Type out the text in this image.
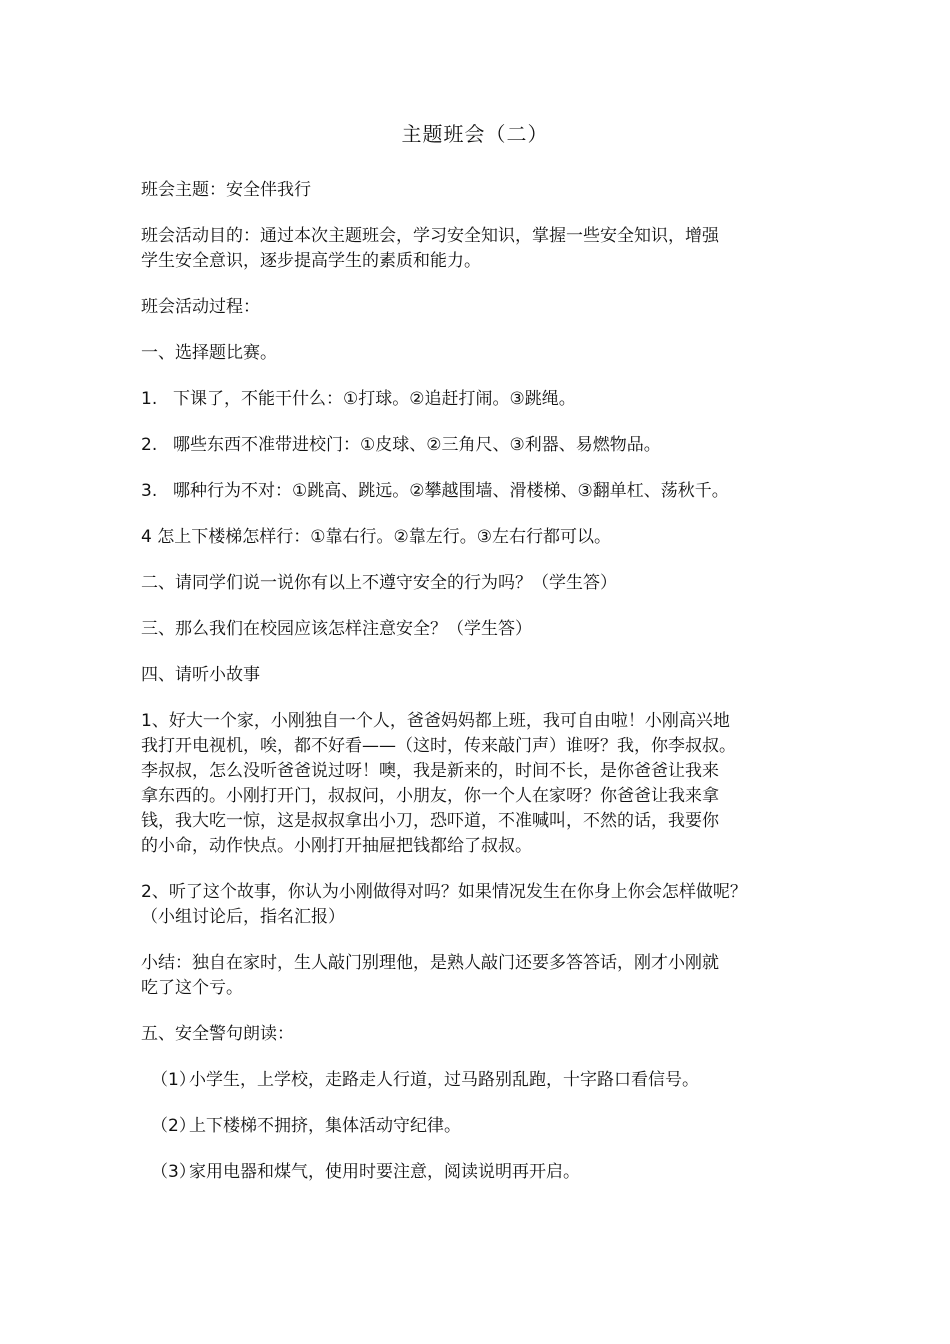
主题班会（二）

班会主题：安全伴我行

班会活动目的：通过本次主题班会，学习安全知识，掌握一些安全知识，增强
学生安全意识，逐步提高学生的素质和能力。

班会活动过程：

一、选择题比赛。

1. 下课了，不能干什么：①打球。②追赶打闹。③跳绳。

2. 哪些东西不准带进校门：①皮球、②三角尺、③利器、易燃物品。

3. 哪种行为不对：①跳高、跳远。②攀越围墙、滑楼梯、③翻单杠、荡秋千。

4 怎上下楼梯怎样行：①靠右行。②靠左行。③左右行都可以。

二、请同学们说一说你有以上不遵守安全的行为吗？（学生答）

三、那么我们在校园应该怎样注意安全？（学生答）

四、请听小故事

1、好大一个家，小刚独自一个人，爸爸妈妈都上班，我可自由啦！小刚高兴地
我打开电视机，唉，都不好看——（这时，传来敲门声）谁呀？我，你李叔叔。
李叔叔，怎么没听爸爸说过呀！噢，我是新来的，时间不长，是你爸爸让我来
拿东西的。小刚打开门，叔叔问，小朋友，你一个人在家呀？你爸爸让我来拿
钱，我大吃一惊，这是叔叔拿出小刀，恐吓道，不准喊叫，不然的话，我要你
的小命，动作快点。小刚打开抽屉把钱都给了叔叔。

2、听了这个故事，你认为小刚做得对吗？如果情况发生在你身上你会怎样做呢？
（小组讨论后，指名汇报）

小结：独自在家时，生人敲门别理他，是熟人敲门还要多答答话，刚才小刚就
吃了这个亏。

五、安全警句朗读：

（1）小学生，上学校，走路走人行道，过马路别乱跑，十字路口看信号。

（2）上下楼梯不拥挤，集体活动守纪律。

（3）家用电器和煤气，使用时要注意，阅读说明再开启。
